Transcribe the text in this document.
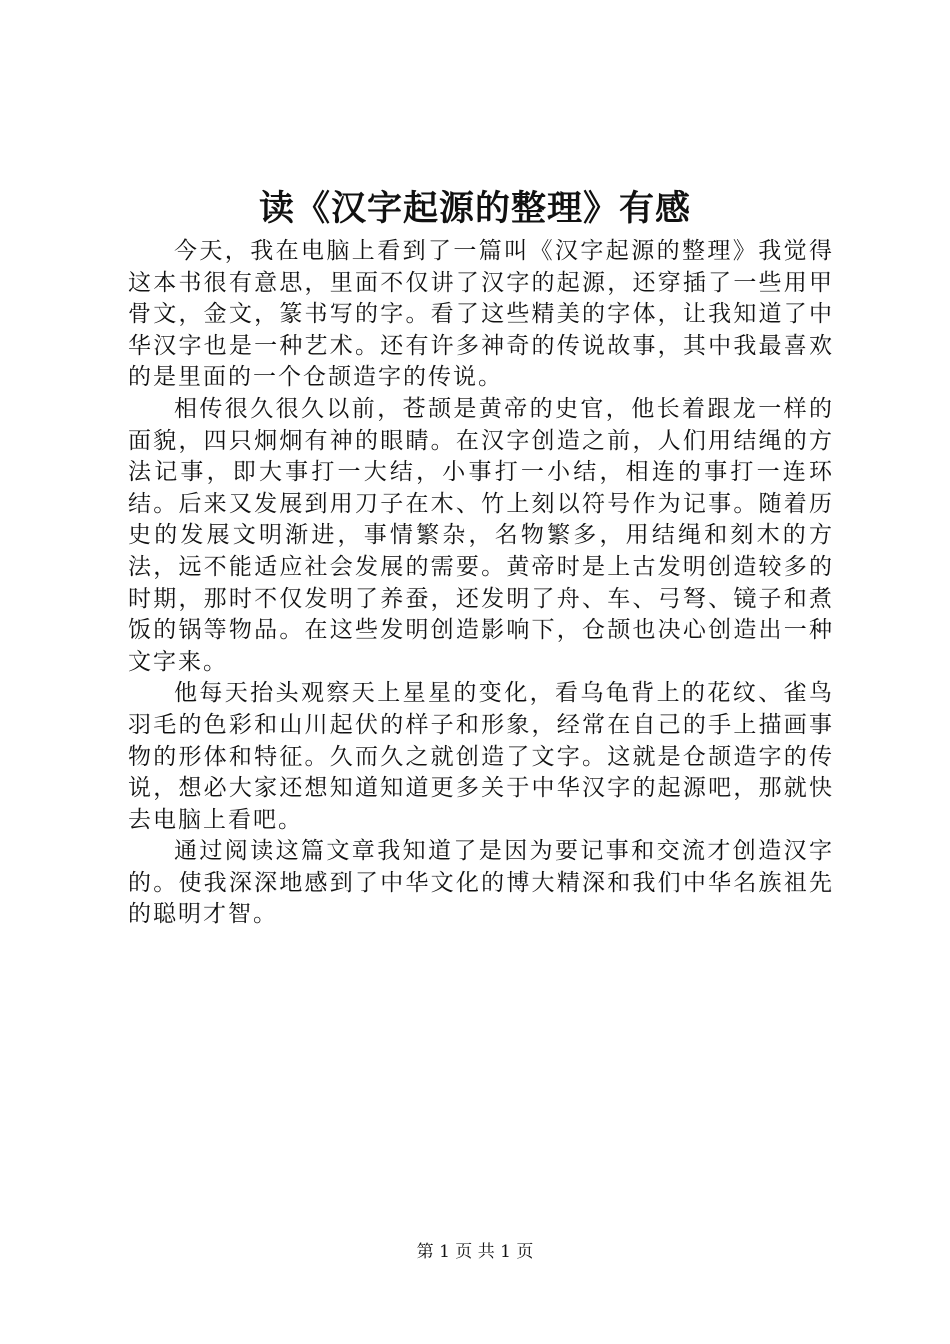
读《汉字起源的整理》有感

今天，我在电脑上看到了一篇叫《汉字起源的整理》我觉得这本书很有意思，里面不仅讲了汉字的起源，还穿插了一些用甲骨文，金文，篆书写的字。看了这些精美的字体，让我知道了中华汉字也是一种艺术。还有许多神奇的传说故事，其中我最喜欢的是里面的一个仓颉造字的传说。

相传很久很久以前，苍颉是黄帝的史官，他长着跟龙一样的面貌，四只炯炯有神的眼睛。在汉字创造之前，人们用结绳的方法记事，即大事打一大结，小事打一小结，相连的事打一连环结。后来又发展到用刀子在木、竹上刻以符号作为记事。随着历史的发展文明渐进，事情繁杂，名物繁多，用结绳和刻木的方法，远不能适应社会发展的需要。黄帝时是上古发明创造较多的时期，那时不仅发明了养蚕，还发明了舟、车、弓弩、镜子和煮饭的锅等物品。在这些发明创造影响下，仓颉也决心创造出一种文字来。

他每天抬头观察天上星星的变化，看乌龟背上的花纹、雀鸟羽毛的色彩和山川起伏的样子和形象，经常在自己的手上描画事物的形体和特征。久而久之就创造了文字。这就是仓颉造字的传说，想必大家还想知道知道更多关于中华汉字的起源吧，那就快去电脑上看吧。

通过阅读这篇文章我知道了是因为要记事和交流才创造汉字的。使我深深地感到了中华文化的博大精深和我们中华名族祖先的聪明才智。

第 1 页 共 1 页
